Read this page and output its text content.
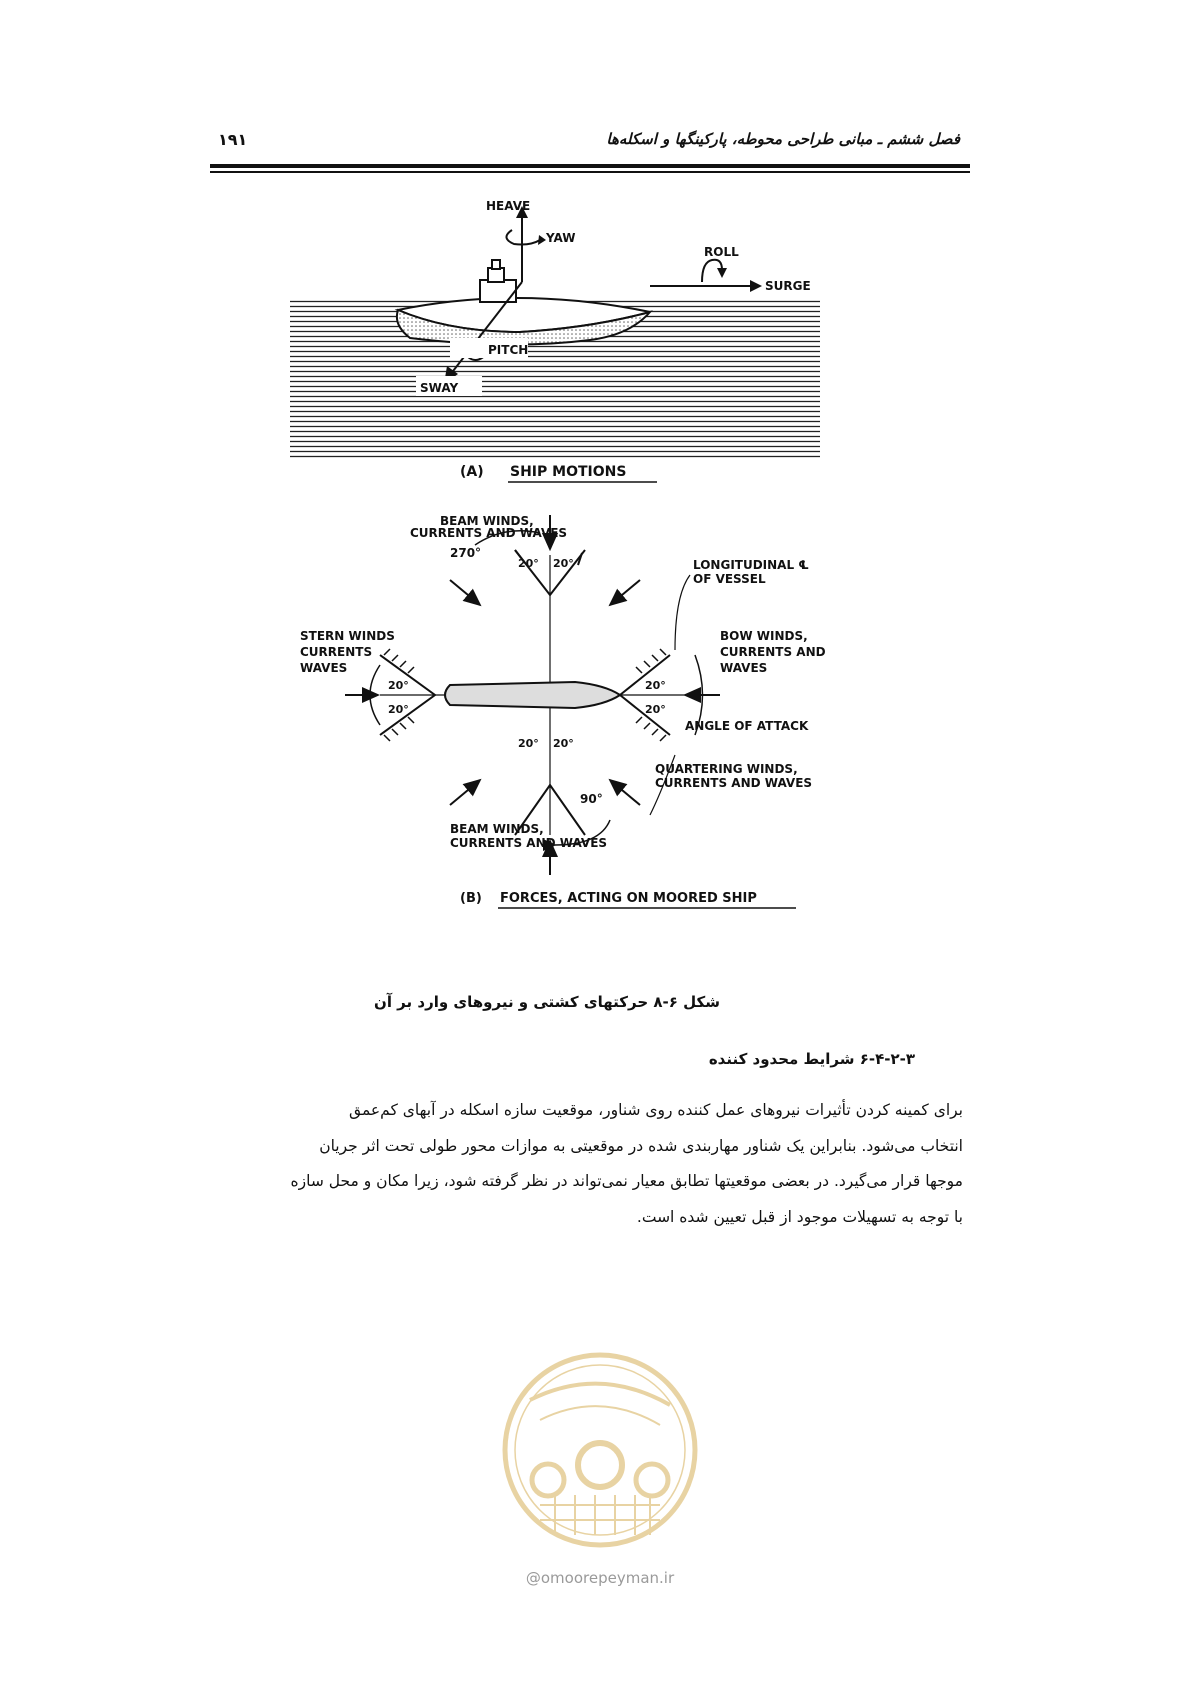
فصل ششم ـ مبانی طراحی محوطه، پارکینگها و اسکله‌ها
۱۹۱
HEAVE
YAW
ROLL
SURGE
PITCH
SWAY
(A) SHIP MOTIONS
BEAM WINDS,
CURRENTS AND WAVES
270°
20° 20°	LONGITUDINAL ℄
OF VESSEL
STERN WINDS
CURRENTS
WAVES
20°
20°
20°
20°
BOW WINDS,
CURRENTS AND
WAVES
ANGLE OF ATTACK
20° 20°
QUARTERING WINDS,
CURRENTS AND WAVES
90°
BEAM WINDS,
CURRENTS AND WAVES
(B) FORCES, ACTING ON MOORED SHIP
شکل ۶-۸ حرکتهای کشتی و نیروهای وارد بر آن
۶-۴-۲-۳ شرایط محدود کننده
برای کمینه کردن تأثیرات نیروهای عمل کننده روی شناور، موقعیت سازه اسکله در آبهای کم‌عمق
انتخاب می‌شود. بنابراین یک شناور مهاربندی شده در موقعیتی به موازات محور طولی تحت اثر جریان
موجها قرار می‌گیرد. در بعضی موقعیتها تطابق معیار نمی‌تواند در نظر گرفته شود، زیرا مکان و محل سازه
با توجه به تسهیلات موجود از قبل تعیین شده است.
@omoorepeyman.ir
